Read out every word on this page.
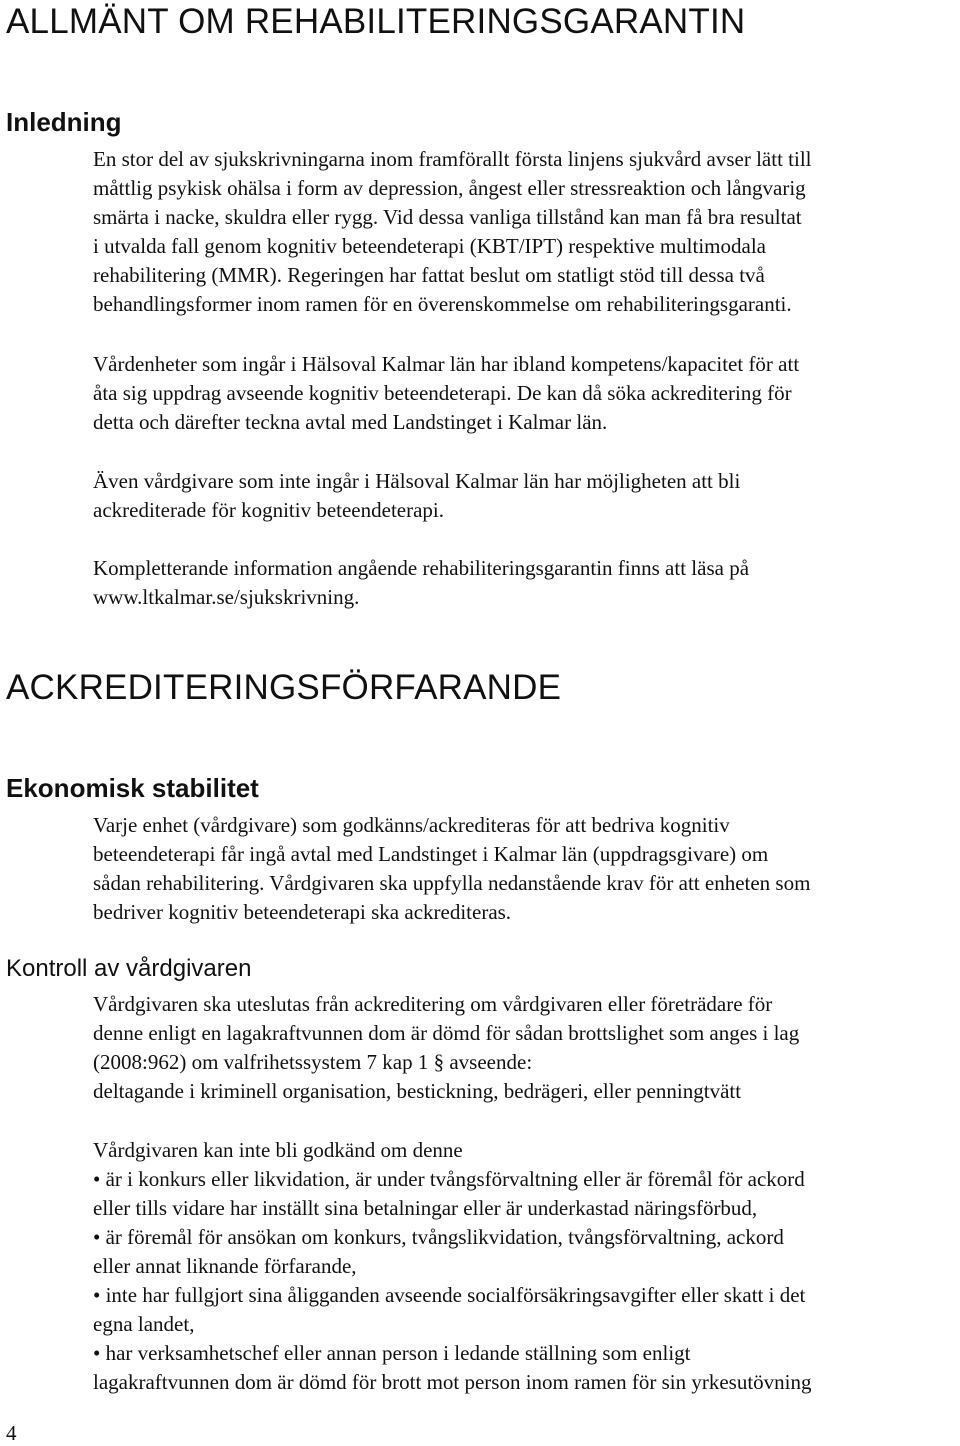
ALLMÄNT OM REHABILITERINGSGARANTIN
Inledning
En stor del av sjukskrivningarna inom framförallt första linjens sjukvård avser lätt till
måttlig psykisk ohälsa i form av depression, ångest eller stressreaktion och långvarig
smärta i nacke, skuldra eller rygg. Vid dessa vanliga tillstånd kan man få bra resultat
i utvalda fall genom kognitiv beteendeterapi (KBT/IPT) respektive multimodala
rehabilitering (MMR). Regeringen har fattat beslut om statligt stöd till dessa två
behandlingsformer inom ramen för en överenskommelse om rehabiliteringsgaranti.
Vårdenheter som ingår i Hälsoval Kalmar län har ibland kompetens/kapacitet för att
åta sig uppdrag avseende kognitiv beteendeterapi. De kan då söka ackreditering för
detta och därefter teckna avtal med Landstinget i Kalmar län.
Även vårdgivare som inte ingår i Hälsoval Kalmar län har möjligheten att bli
ackrediterade för kognitiv beteendeterapi.
Kompletterande information angående rehabiliteringsgarantin finns att läsa på
www.ltkalmar.se/sjukskrivning.
ACKREDITERINGSFÖRFARANDE
Ekonomisk stabilitet
Varje enhet (vårdgivare) som godkänns/ackrediteras för att bedriva kognitiv
beteendeterapi får ingå avtal med Landstinget i Kalmar län (uppdragsgivare) om
sådan rehabilitering. Vårdgivaren ska uppfylla nedanstående krav för att enheten som
bedriver kognitiv beteendeterapi ska ackrediteras.
Kontroll av vårdgivaren
Vårdgivaren ska uteslutas från ackreditering om vårdgivaren eller företrädare för
denne enligt en lagakraftvunnen dom är dömd för sådan brottslighet som anges i lag
(2008:962) om valfrihetssystem 7 kap 1 § avseende:
deltagande i kriminell organisation, bestickning, bedrägeri, eller penningtvätt
Vårdgivaren kan inte bli godkänd om denne
• är i konkurs eller likvidation, är under tvångsförvaltning eller är föremål för ackord
eller tills vidare har inställt sina betalningar eller är underkastad näringsförbud,
• är föremål för ansökan om konkurs, tvångslikvidation, tvångsförvaltning, ackord
eller annat liknande förfarande,
• inte har fullgjort sina åligganden avseende socialförsäkringsavgifter eller skatt i det
egna landet,
• har verksamhetschef eller annan person i ledande ställning som enligt
lagakraftvunnen dom är dömd för brott mot person inom ramen för sin yrkesutövning
4
